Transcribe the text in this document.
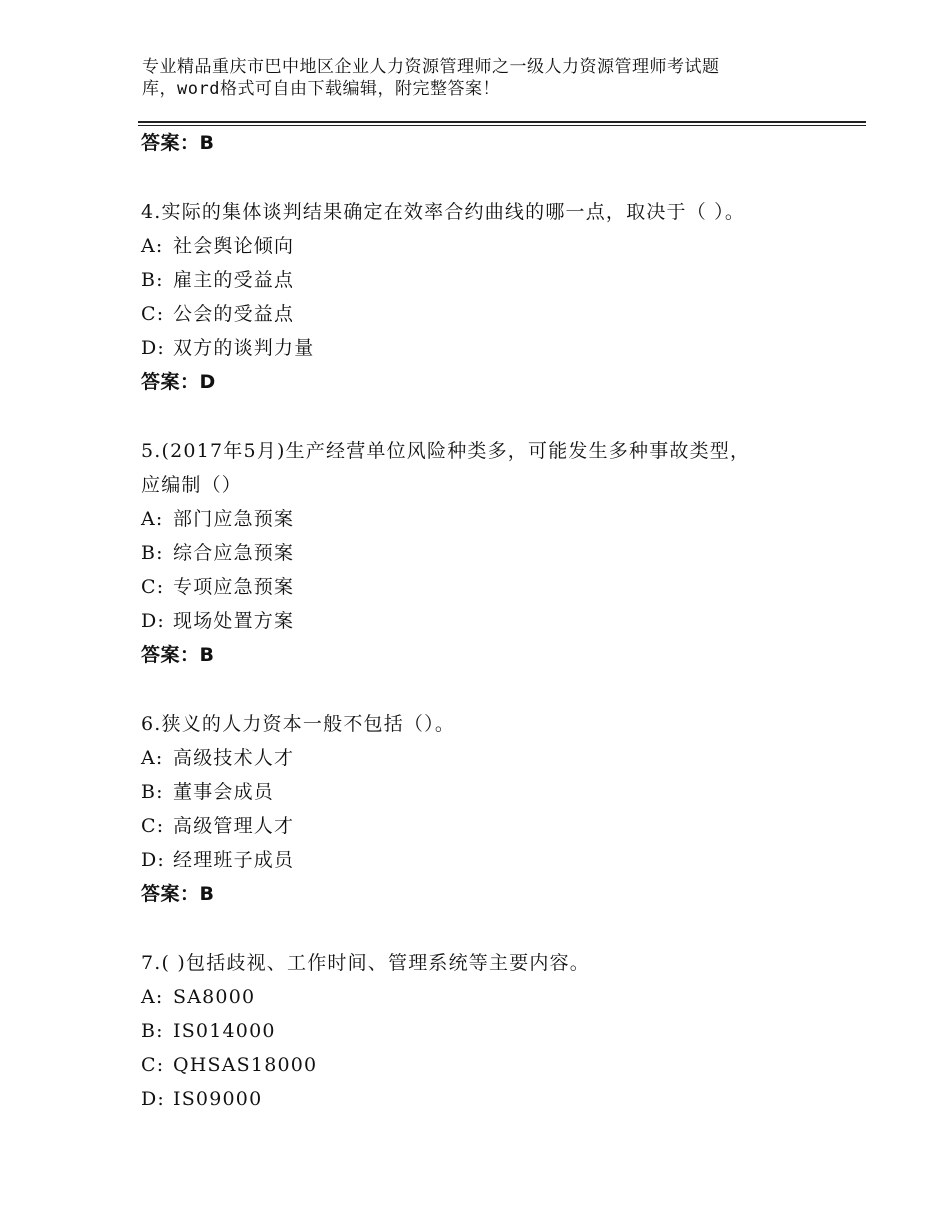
专业精品重庆市巴中地区企业人力资源管理师之一级人力资源管理师考试题
库，word格式可自由下载编辑，附完整答案！
答案：B
4.实际的集体谈判结果确定在效率合约曲线的哪一点，取决于（ ）。
A: 社会舆论倾向
B: 雇主的受益点
C: 公会的受益点
D: 双方的谈判力量
答案：D
5.(2017年5月)生产经营单位风险种类多，可能发生多种事故类型，
应编制（）
A: 部门应急预案
B: 综合应急预案
C: 专项应急预案
D: 现场处置方案
答案：B
6.狭义的人力资本一般不包括（）。
A: 高级技术人才
B: 董事会成员
C: 高级管理人才
D: 经理班子成员
答案：B
7.( )包括歧视、工作时间、管理系统等主要内容。
A: SA8000
B: IS014000
C: QHSAS18000
D: IS09000
